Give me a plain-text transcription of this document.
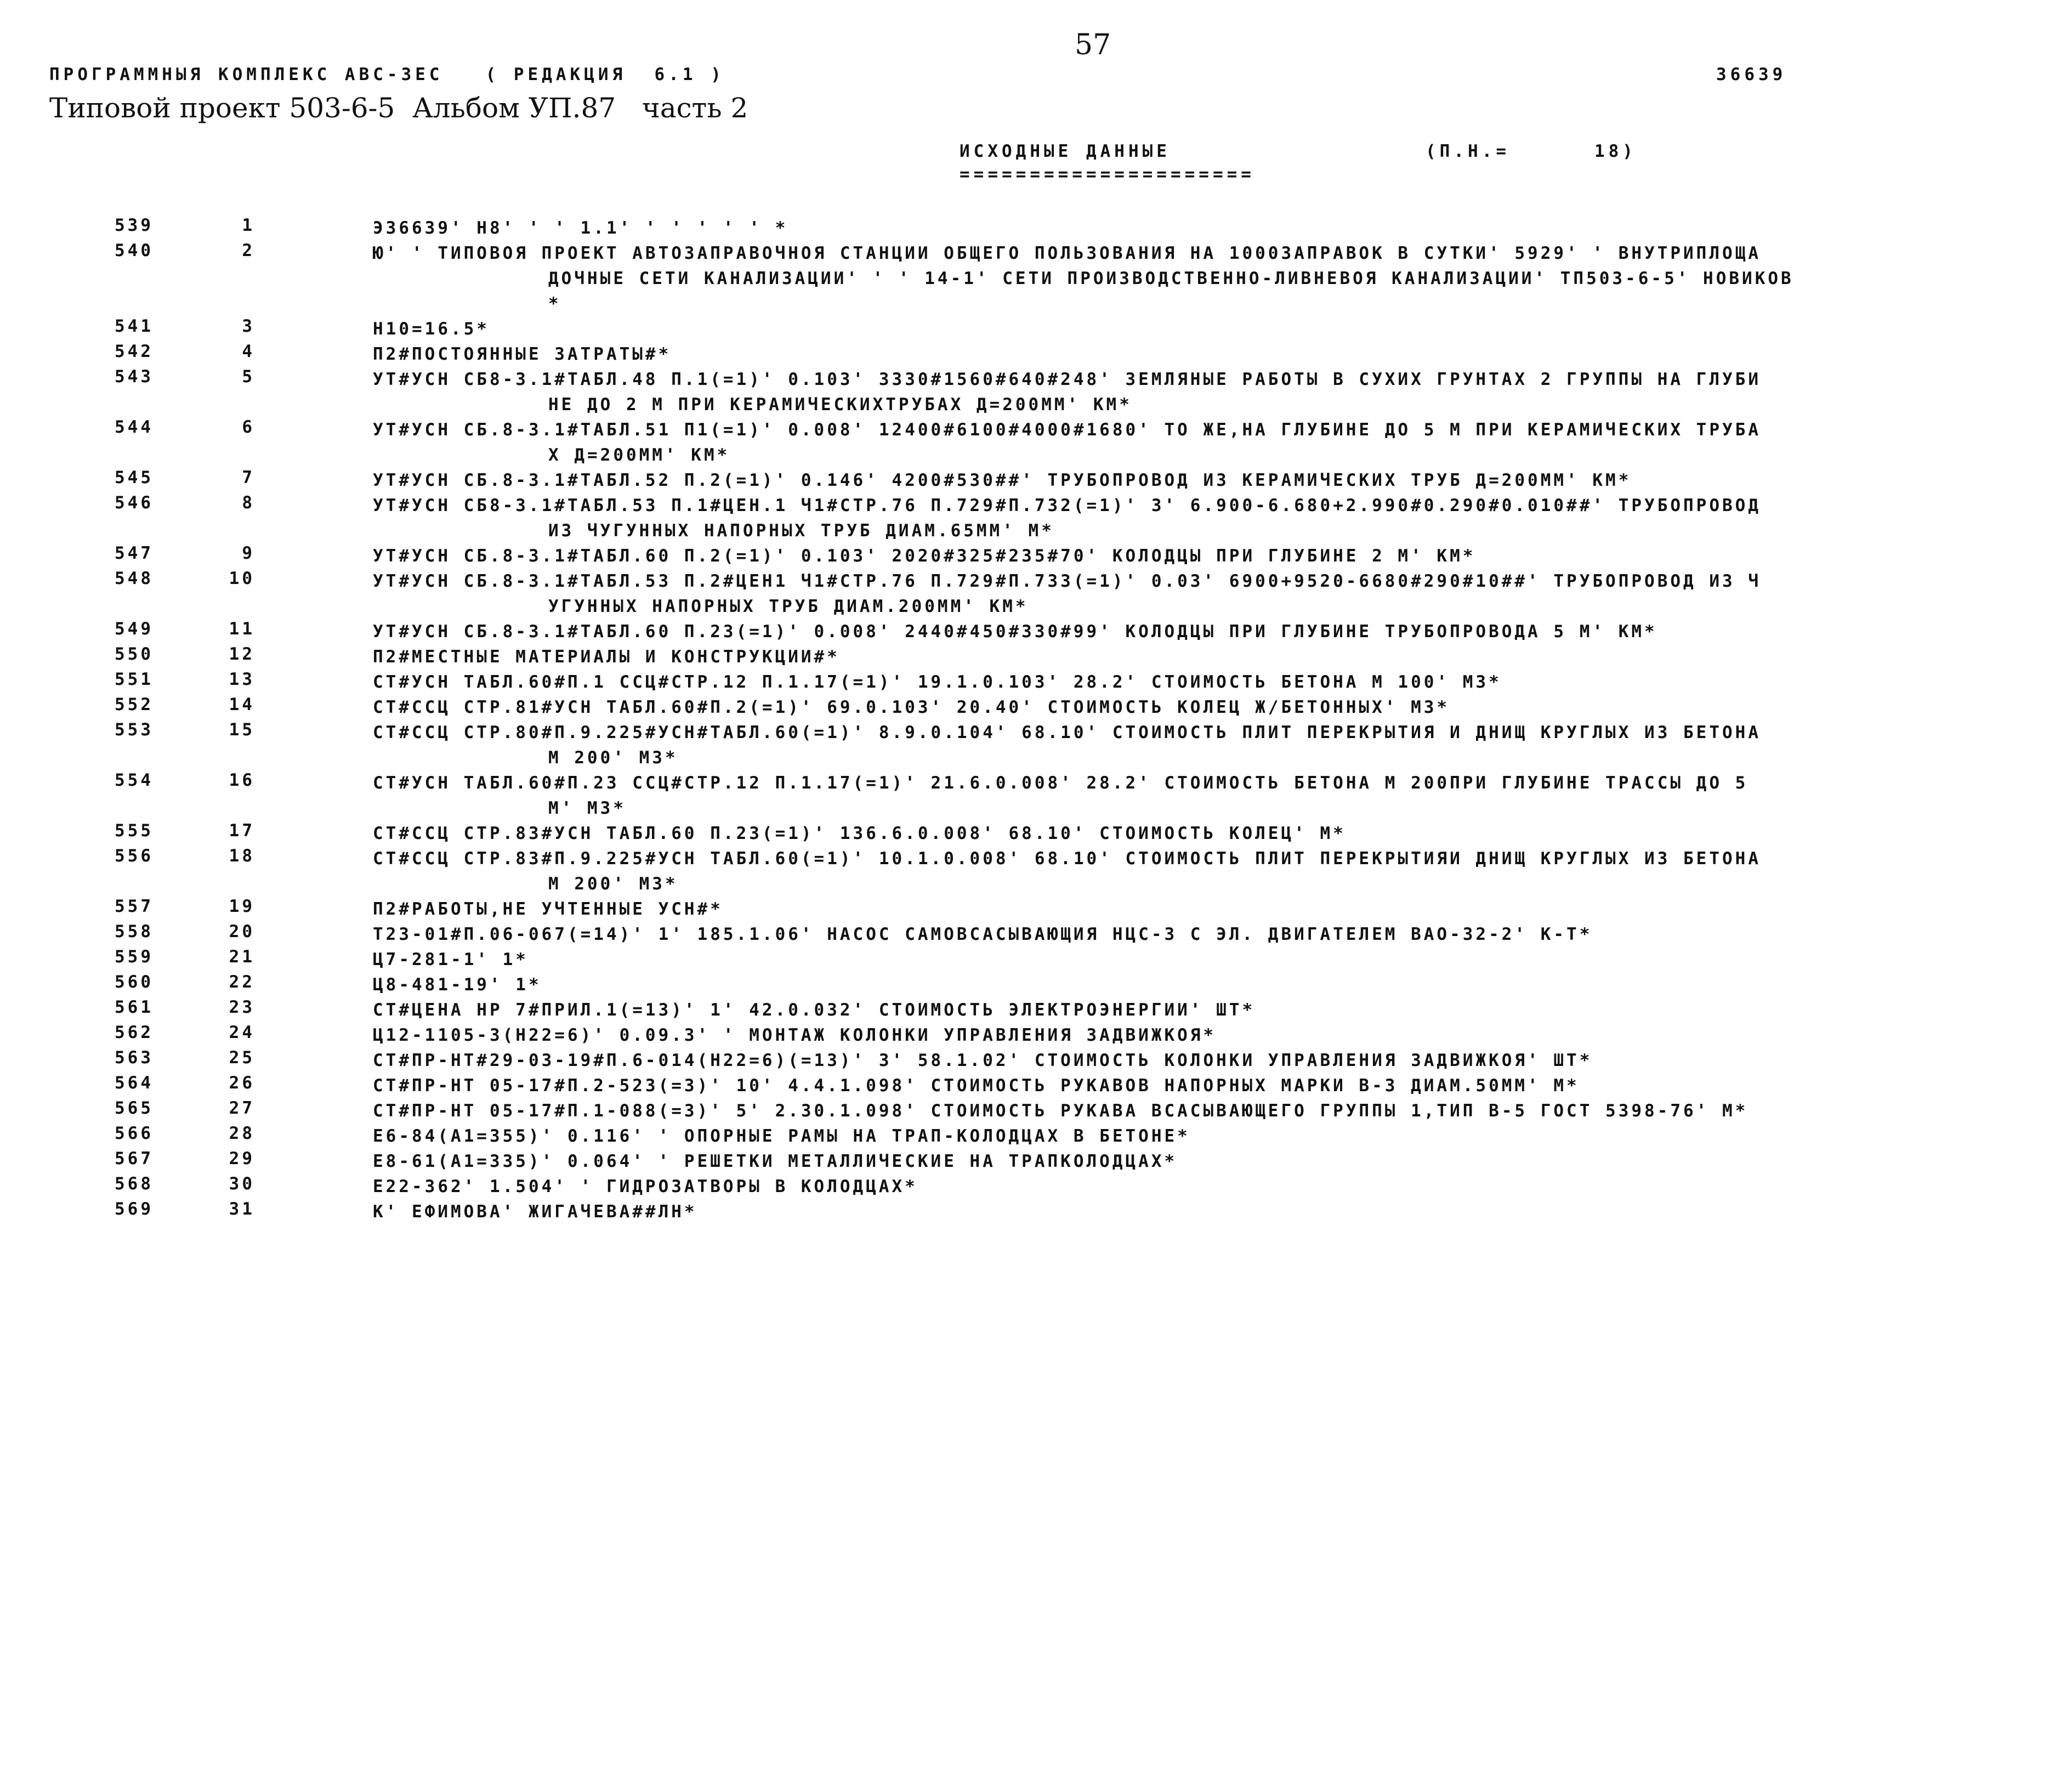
57
ПРОГРАММНЫЯ КОМПЛЕКС АВС-ЗЕС   ( РЕДАКЦИЯ  6.1 )	36639
Типовой проект 503-6-5  Альбом УП.87   часть 2
ИСХОДНЫЕ ДАННЫЕ	(П.Н.=      18)
=====================
539	1	Э36639' Н8' ' ' 1.1' ' ' ' ' ' *
540	2	Ю' ' ТИПОВОЯ ПРОЕКТ АВТОЗАПРАВОЧНОЯ СТАНЦИИ ОБЩЕГО ПОЛЬЗОВАНИЯ НА 1000ЗАПРАВОК В СУТКИ' 5929' ' ВНУТРИПЛОЩА
ДОЧНЫЕ СЕТИ КАНАЛИЗАЦИИ' ' ' 14-1' СЕТИ ПРОИЗВОДСТВЕННО-ЛИВНЕВОЯ КАНАЛИЗАЦИИ' ТП503-6-5' НОВИКОВ
*
541	3	Н10=16.5*
542	4	П2#ПОСТОЯННЫЕ ЗАТРАТЫ#*
543	5	УТ#УСН СБ8-3.1#ТАБЛ.48 П.1(=1)' 0.103' 3330#1560#640#248' ЗЕМЛЯНЫЕ РАБОТЫ В СУХИХ ГРУНТАХ 2 ГРУППЫ НА ГЛУБИ
НЕ ДО 2 М ПРИ КЕРАМИЧЕСКИХТРУБАХ Д=200ММ' КМ*
544	6	УТ#УСН СБ.8-3.1#ТАБЛ.51 П1(=1)' 0.008' 12400#6100#4000#1680' ТО ЖЕ,НА ГЛУБИНЕ ДО 5 М ПРИ КЕРАМИЧЕСКИХ ТРУБА
Х Д=200ММ' КМ*
545	7	УТ#УСН СБ.8-3.1#ТАБЛ.52 П.2(=1)' 0.146' 4200#530##' ТРУБОПРОВОД ИЗ КЕРАМИЧЕСКИХ ТРУБ Д=200ММ' КМ*
546	8	УТ#УСН СБ8-3.1#ТАБЛ.53 П.1#ЦЕН.1 Ч1#СТР.76 П.729#П.732(=1)' 3' 6.900-6.680+2.990#0.290#0.010##' ТРУБОПРОВОД
ИЗ ЧУГУННЫХ НАПОРНЫХ ТРУБ ДИАМ.65ММ' М*
547	9	УТ#УСН СБ.8-3.1#ТАБЛ.60 П.2(=1)' 0.103' 2020#325#235#70' КОЛОДЦЫ ПРИ ГЛУБИНЕ 2 М' КМ*
548	10	УТ#УСН СБ.8-3.1#ТАБЛ.53 П.2#ЦЕН1 Ч1#СТР.76 П.729#П.733(=1)' 0.03' 6900+9520-6680#290#10##' ТРУБОПРОВОД ИЗ Ч
УГУННЫХ НАПОРНЫХ ТРУБ ДИАМ.200ММ' КМ*
549	11	УТ#УСН СБ.8-3.1#ТАБЛ.60 П.23(=1)' 0.008' 2440#450#330#99' КОЛОДЦЫ ПРИ ГЛУБИНЕ ТРУБОПРОВОДА 5 М' КМ*
550	12	П2#МЕСТНЫЕ МАТЕРИАЛЫ И КОНСТРУКЦИИ#*
551	13	СТ#УСН ТАБЛ.60#П.1 ССЦ#СТР.12 П.1.17(=1)' 19.1.0.103' 28.2' СТОИМОСТЬ БЕТОНА М 100' М3*
552	14	СТ#ССЦ СТР.81#УСН ТАБЛ.60#П.2(=1)' 69.0.103' 20.40' СТОИМОСТЬ КОЛЕЦ Ж/БЕТОННЫХ' М3*
553	15	СТ#ССЦ СТР.80#П.9.225#УСН#ТАБЛ.60(=1)' 8.9.0.104' 68.10' СТОИМОСТЬ ПЛИТ ПЕРЕКРЫТИЯ И ДНИЩ КРУГЛЫХ ИЗ БЕТОНА
М 200' М3*
554	16	СТ#УСН ТАБЛ.60#П.23 ССЦ#СТР.12 П.1.17(=1)' 21.6.0.008' 28.2' СТОИМОСТЬ БЕТОНА М 200ПРИ ГЛУБИНЕ ТРАССЫ ДО 5
М' М3*
555	17	СТ#ССЦ СТР.83#УСН ТАБЛ.60 П.23(=1)' 136.6.0.008' 68.10' СТОИМОСТЬ КОЛЕЦ' М*
556	18	СТ#ССЦ СТР.83#П.9.225#УСН ТАБЛ.60(=1)' 10.1.0.008' 68.10' СТОИМОСТЬ ПЛИТ ПЕРЕКРЫТИЯИ ДНИЩ КРУГЛЫХ ИЗ БЕТОНА
М 200' М3*
557	19	П2#РАБОТЫ,НЕ УЧТЕННЫЕ УСН#*
558	20	Т23-01#П.06-067(=14)' 1' 185.1.06' НАСОС САМОВСАСЫВАЮЩИЯ НЦС-3 С ЭЛ. ДВИГАТЕЛЕМ ВАО-32-2' К-Т*
559	21	Ц7-281-1' 1*
560	22	Ц8-481-19' 1*
561	23	СТ#ЦЕНА НР 7#ПРИЛ.1(=13)' 1' 42.0.032' СТОИМОСТЬ ЭЛЕКТРОЭНЕРГИИ' ШТ*
562	24	Ц12-1105-3(Н22=6)' 0.09.3' ' МОНТАЖ КОЛОНКИ УПРАВЛЕНИЯ ЗАДВИЖКОЯ*
563	25	СТ#ПР-НТ#29-03-19#П.6-014(Н22=6)(=13)' 3' 58.1.02' СТОИМОСТЬ КОЛОНКИ УПРАВЛЕНИЯ ЗАДВИЖКОЯ' ШТ*
564	26	СТ#ПР-НТ 05-17#П.2-523(=3)' 10' 4.4.1.098' СТОИМОСТЬ РУКАВОВ НАПОРНЫХ МАРКИ В-3 ДИАМ.50ММ' М*
565	27	СТ#ПР-НТ 05-17#П.1-088(=3)' 5' 2.30.1.098' СТОИМОСТЬ РУКАВА ВСАСЫВАЮЩЕГО ГРУППЫ 1,ТИП В-5 ГОСТ 5398-76' М*
566	28	Е6-84(А1=355)' 0.116' ' ОПОРНЫЕ РАМЫ НА ТРАП-КОЛОДЦАХ В БЕТОНЕ*
567	29	Е8-61(А1=335)' 0.064' ' РЕШЕТКИ МЕТАЛЛИЧЕСКИЕ НА ТРАПКОЛОДЦАХ*
568	30	Е22-362' 1.504' ' ГИДРОЗАТВОРЫ В КОЛОДЦАХ*
569	31	К' ЕФИМОВА' ЖИГАЧЕВА##ЛН*
